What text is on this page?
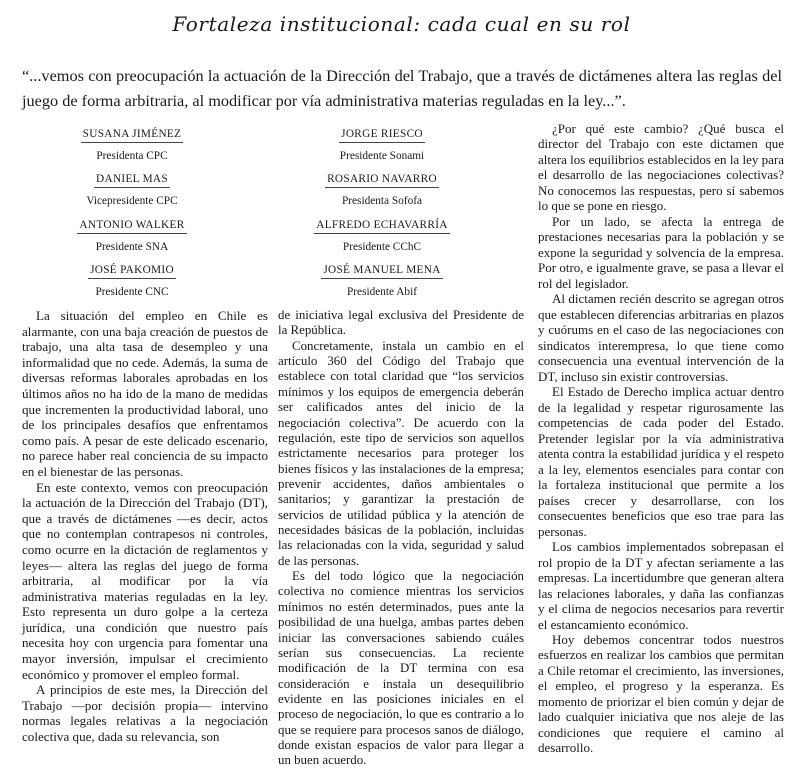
Fortaleza institucional: cada cual en su rol
“...vemos con preocupación la actuación de la Dirección del Trabajo, que a través de dictámenes altera las reglas del juego de forma arbitraria, al modificar por vía administrativa materias reguladas en la ley...”.
SUSANA JIMÉNEZ
Presidenta CPC
DANIEL MAS
Vicepresidente CPC
ANTONIO WALKER
Presidente SNA
JOSÉ PAKOMIO
Presidente CNC
JORGE RIESCO
Presidente Sonami
ROSARIO NAVARRO
Presidenta Sofofa
ALFREDO ECHAVARRÍA
Presidente CChC
JOSÉ MANUEL MENA
Presidente Abif

La situación del empleo en Chile es alarmante, con una baja creación de puestos de trabajo, una alta tasa de desempleo y una informalidad que no cede. Además, la suma de diversas reformas laborales aprobadas en los últimos años no ha ido de la mano de medidas que incrementen la productividad laboral, uno de los principales desafíos que enfrentamos como país. A pesar de este delicado escenario, no parece haber real conciencia de su impacto en el bienestar de las personas.

En este contexto, vemos con preocupación la actuación de la Dirección del Trabajo (DT), que a través de dictámenes —es decir, actos que no contemplan contrapesos ni controles, como ocurre en la dictación de reglamentos y leyes— altera las reglas del juego de forma arbitraria, al modificar por la vía administrativa materias reguladas en la ley. Esto representa un duro golpe a la certeza jurídica, una condición que nuestro país necesita hoy con urgencia para fomentar una mayor inversión, impulsar el crecimiento económico y promover el empleo formal.

A principios de este mes, la Dirección del Trabajo —por decisión propia— intervino normas legales relativas a la negociación colectiva que, dada su relevancia, son

de iniciativa legal exclusiva del Presidente de la República.

Concretamente, instala un cambio en el artículo 360 del Código del Trabajo que establece con total claridad que “los servicios mínimos y los equipos de emergencia deberán ser calificados antes del inicio de la negociación colectiva”. De acuerdo con la regulación, este tipo de servicios son aquellos estrictamente necesarios para proteger los bienes físicos y las instalaciones de la empresa; prevenir accidentes, daños ambientales o sanitarios; y garantizar la prestación de servicios de utilidad pública y la atención de necesidades básicas de la población, incluidas las relacionadas con la vida, seguridad y salud de las personas.

Es del todo lógico que la negociación colectiva no comience mientras los servicios mínimos no estén determinados, pues ante la posibilidad de una huelga, ambas partes deben iniciar las conversaciones sabiendo cuáles serían sus consecuencias. La reciente modificación de la DT termina con esa consideración e instala un desequilibrio evidente en las posiciones iniciales en el proceso de negociación, lo que es contrario a lo que se requiere para procesos sanos de diálogo, donde existan espacios de valor para llegar a un buen acuerdo.

¿Por qué este cambio? ¿Qué busca el director del Trabajo con este dictamen que altera los equilibrios establecidos en la ley para el desarrollo de las negociaciones colectivas? No conocemos las respuestas, pero sí sabemos lo que se pone en riesgo.

Por un lado, se afecta la entrega de prestaciones necesarias para la población y se expone la seguridad y solvencia de la empresa. Por otro, e igualmente grave, se pasa a llevar el rol del legislador.

Al dictamen recién descrito se agregan otros que establecen diferencias arbitrarias en plazos y cuórums en el caso de las negociaciones con sindicatos interempresa, lo que tiene como consecuencia una eventual intervención de la DT, incluso sin existir controversias.

El Estado de Derecho implica actuar dentro de la legalidad y respetar rigurosamente las competencias de cada poder del Estado. Pretender legislar por la vía administrativa atenta contra la estabilidad jurídica y el respeto a la ley, elementos esenciales para contar con la fortaleza institucional que permite a los países crecer y desarrollarse, con los consecuentes beneficios que eso trae para las personas.

Los cambios implementados sobrepasan el rol propio de la DT y afectan seriamente a las empresas. La incertidumbre que generan altera las relaciones laborales, y daña las confianzas y el clima de negocios necesarios para revertir el estancamiento económico.

Hoy debemos concentrar todos nuestros esfuerzos en realizar los cambios que permitan a Chile retomar el crecimiento, las inversiones, el empleo, el progreso y la esperanza. Es momento de priorizar el bien común y dejar de lado cualquier iniciativa que nos aleje de las condiciones que requiere el camino al desarrollo.
